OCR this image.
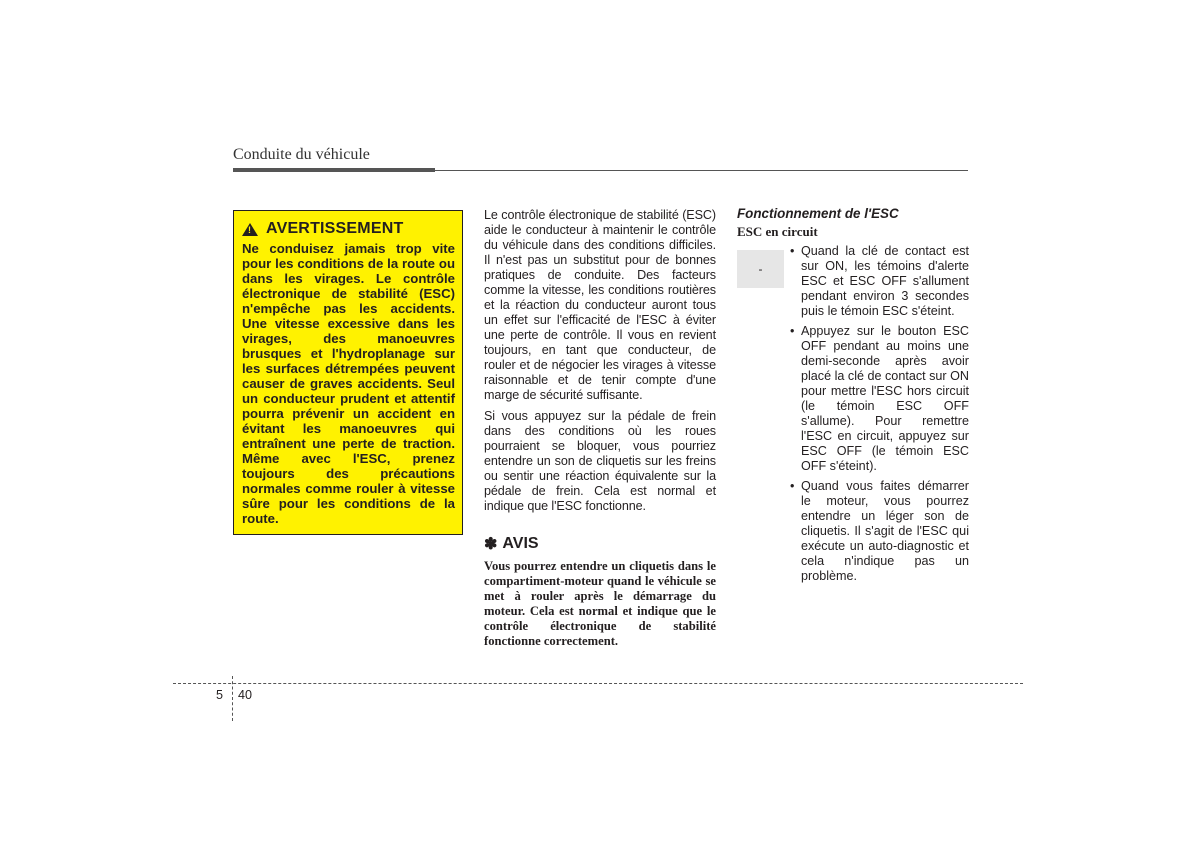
Conduite du véhicule
!
AVERTISSEMENT

Ne conduisez jamais trop vite pour les conditions de la route ou dans les virages. Le contrôle électronique de stabilité (ESC) n'empêche pas les accidents. Une vitesse excessive dans les virages, des manoeuvres brusques et l'hydroplanage sur les surfaces détrempées peuvent causer de graves accidents. Seul un conducteur prudent et attentif pourra prévenir un accident en évitant les manoeuvres qui entraînent une perte de traction. Même avec l'ESC, prenez toujours des précautions normales comme rouler à vitesse sûre pour les conditions de la route.

Le contrôle électronique de stabilité (ESC) aide le conducteur à maintenir le contrôle du véhicule dans des conditions difficiles. Il n'est pas un substitut pour de bonnes pratiques de conduite. Des facteurs comme la vitesse, les conditions routières et la réaction du conducteur auront tous un effet sur l'efficacité de l'ESC à éviter une perte de contrôle. Il vous en revient toujours, en tant que conducteur, de rouler et de négocier les virages à vitesse raisonnable et de tenir compte d'une marge de sécurité suffisante.

Si vous appuyez sur la pédale de frein dans des conditions où les roues pourraient se bloquer, vous pourriez entendre un son de cliquetis sur les freins ou sentir une réaction équivalente sur la pédale de frein. Cela est normal et indique que l'ESC fonctionne.

✽ AVIS

Vous pourrez entendre un cliquetis dans le compartiment-moteur quand le véhicule se met à rouler après le démarrage du moteur. Cela est normal et indique que le contrôle électronique de stabilité fonctionne correctement.

Fonctionnement de l'ESC
ESC en circuit
-
• Quand la clé de contact est sur ON, les témoins d'alerte ESC et ESC OFF s'allument pendant environ 3 secondes puis le témoin ESC s'éteint.
• Appuyez sur le bouton ESC OFF pendant au moins une demi-seconde après avoir placé la clé de contact sur ON pour mettre l'ESC hors circuit (le témoin ESC OFF s'allume). Pour remettre l'ESC en circuit, appuyez sur ESC OFF (le témoin ESC OFF s'éteint).
• Quand vous faites démarrer le moteur, vous pourrez entendre un léger son de cliquetis. Il s'agit de l'ESC qui exécute un auto-diagnostic et cela n'indique pas un problème.
5 40
